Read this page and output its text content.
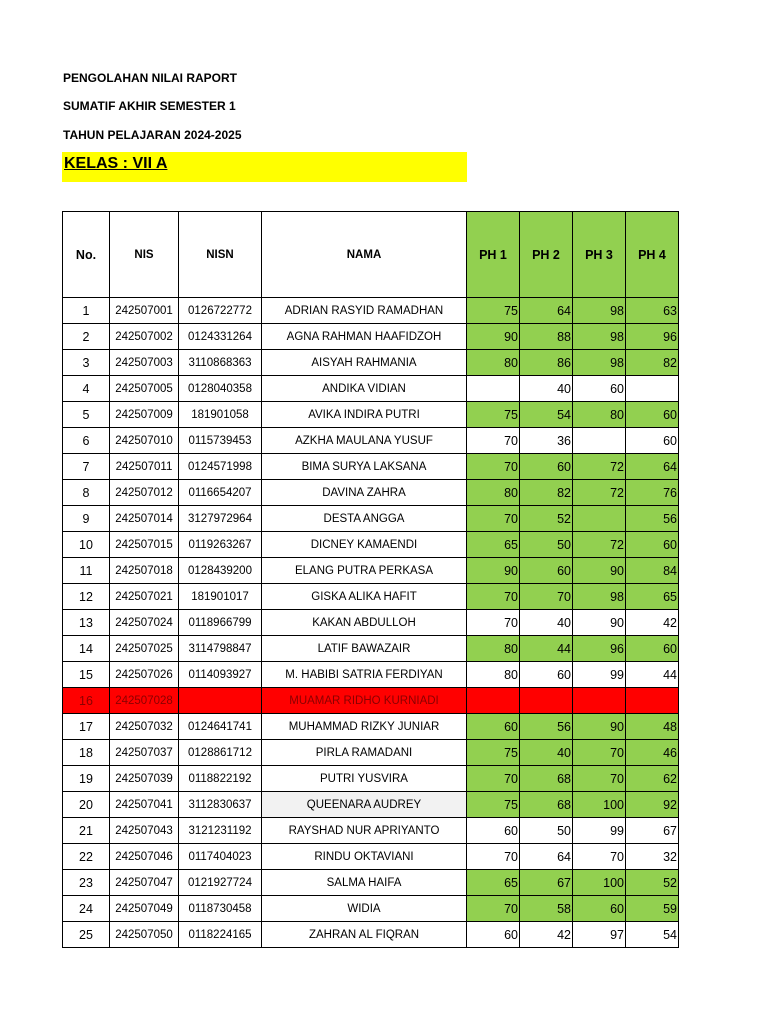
PENGOLAHAN NILAI RAPORT
SUMATIF AKHIR SEMESTER 1
TAHUN PELAJARAN 2024-2025
KELAS : VII A
No.	NIS	NISN	NAMA	PH 1	PH 2	PH 3	PH 4
1	242507001	0126722772	ADRIAN RASYID RAMADHAN	75	64	98	63
2	242507002	0124331264	AGNA RAHMAN HAAFIDZOH	90	88	98	96
3	242507003	3110868363	AISYAH RAHMANIA	80	86	98	82
4	242507005	0128040358	ANDIKA VIDIAN		40	60	
5	242507009	181901058	AVIKA INDIRA PUTRI	75	54	80	60
6	242507010	0115739453	AZKHA MAULANA YUSUF	70	36		60
7	242507011	0124571998	BIMA SURYA LAKSANA	70	60	72	64
8	242507012	0116654207	DAVINA ZAHRA	80	82	72	76
9	242507014	3127972964	DESTA ANGGA	70	52		56
10	242507015	0119263267	DICNEY KAMAENDI	65	50	72	60
11	242507018	0128439200	ELANG PUTRA PERKASA	90	60	90	84
12	242507021	181901017	GISKA ALIKA HAFIT	70	70	98	65
13	242507024	0118966799	KAKAN ABDULLOH	70	40	90	42
14	242507025	3114798847	LATIF BAWAZAIR	80	44	96	60
15	242507026	0114093927	M. HABIBI SATRIA FERDIYAN	80	60	99	44
16	242507028		MUAMAR RIDHO KURNIADI				
17	242507032	0124641741	MUHAMMAD RIZKY JUNIAR	60	56	90	48
18	242507037	0128861712	PIRLA RAMADANI	75	40	70	46
19	242507039	0118822192	PUTRI YUSVIRA	70	68	70	62
20	242507041	3112830637	QUEENARA AUDREY	75	68	100	92
21	242507043	3121231192	RAYSHAD NUR APRIYANTO	60	50	99	67
22	242507046	0117404023	RINDU OKTAVIANI	70	64	70	32
23	242507047	0121927724	SALMA HAIFA	65	67	100	52
24	242507049	0118730458	WIDIA	70	58	60	59
25	242507050	0118224165	ZAHRAN AL FIQRAN	60	42	97	54
